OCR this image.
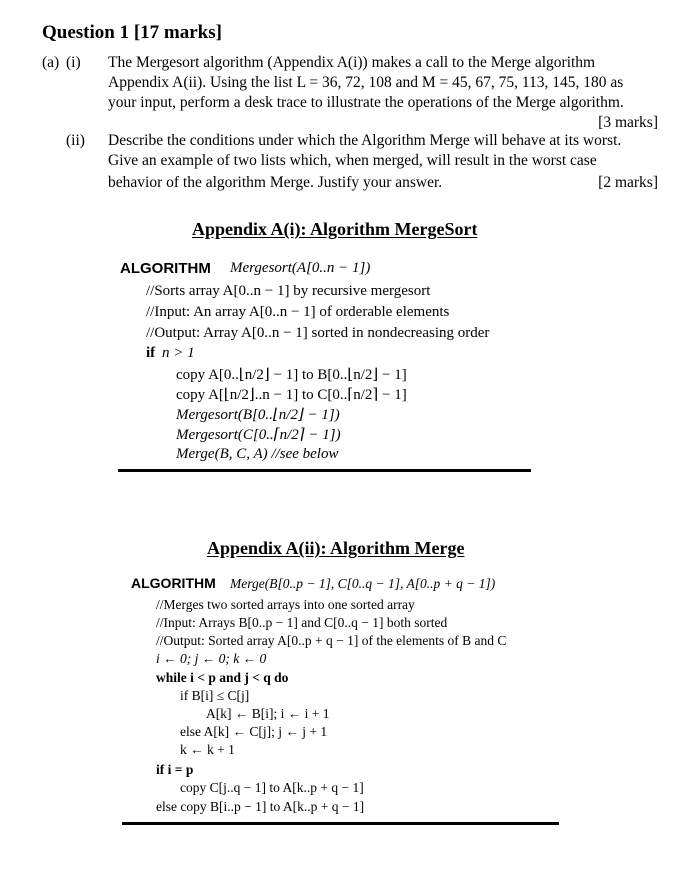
Question 1 [17 marks]
(a) (i) The Mergesort algorithm (Appendix A(i)) makes a call to the Merge algorithm
Appendix A(ii). Using the list L = 36, 72, 108 and M = 45, 67, 75, 113, 145, 180 as
your input, perform a desk trace to illustrate the operations of the Merge algorithm.
[3 marks]
(ii) Describe the conditions under which the Algorithm Merge will behave at its worst.
Give an example of two lists which, when merged, will result in the worst case
behavior of the algorithm Merge. Justify your answer.	[2 marks]
Appendix A(i): Algorithm MergeSort
ALGORITHM Mergesort(A[0..n − 1])
//Sorts array A[0..n − 1] by recursive mergesort
//Input: An array A[0..n − 1] of orderable elements
//Output: Array A[0..n − 1] sorted in nondecreasing order
if n > 1
copy A[0..⌊n/2⌋ − 1] to B[0..⌊n/2⌋ − 1]
copy A[⌊n/2⌋..n − 1] to C[0..⌈n/2⌉ − 1]
Mergesort(B[0..⌊n/2⌋ − 1])
Mergesort(C[0..⌈n/2⌉ − 1])
Merge(B, C, A) //see below
Appendix A(ii): Algorithm Merge
ALGORITHM Merge(B[0..p − 1], C[0..q − 1], A[0..p + q − 1])
//Merges two sorted arrays into one sorted array
//Input: Arrays B[0..p − 1] and C[0..q − 1] both sorted
//Output: Sorted array A[0..p + q − 1] of the elements of B and C
i ← 0; j ← 0; k ← 0
while i < p and j < q do
if B[i] ≤ C[j]
A[k] ← B[i]; i ← i + 1
else A[k] ← C[j]; j ← j + 1
k ← k + 1
if i = p
copy C[j..q − 1] to A[k..p + q − 1]
else copy B[i..p − 1] to A[k..p + q − 1]
